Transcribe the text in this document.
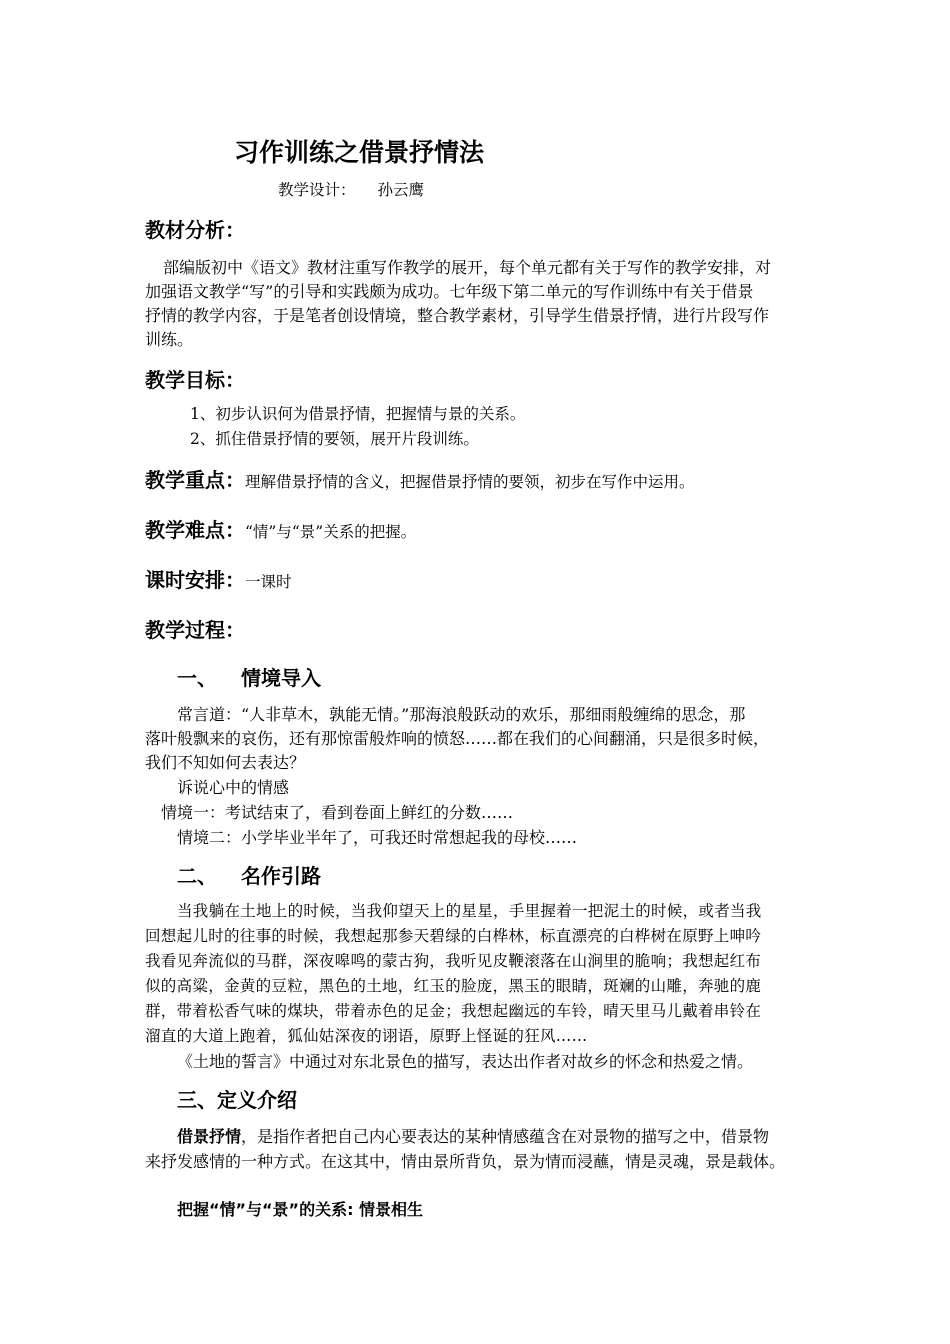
习作训练之借景抒情法
教学设计： 孙云鹰
教材分析：
部编版初中《语文》教材注重写作教学的展开，每个单元都有关于写作的教学安排，对
加强语文教学“写”的引导和实践颇为成功。七年级下第二单元的写作训练中有关于借景
抒情的教学内容，于是笔者创设情境，整合教学素材，引导学生借景抒情，进行片段写作
训练。
教学目标：
1、初步认识何为借景抒情，把握情与景的关系。
2、抓住借景抒情的要领，展开片段训练。
教学重点：理解借景抒情的含义，把握借景抒情的要领，初步在写作中运用。
教学难点：“情”与“景”关系的把握。
课时安排：一课时
教学过程：
一、 情境导入
常言道：“人非草木，孰能无情。”那海浪般跃动的欢乐，那细雨般缠绵的思念，那
落叶般飘来的哀伤，还有那惊雷般炸响的愤怒……都在我们的心间翻涌，只是很多时候，
我们不知如何去表达？
诉说心中的情感
情境一：考试结束了，看到卷面上鲜红的分数……
情境二：小学毕业半年了，可我还时常想起我的母校……
二、 名作引路
当我躺在土地上的时候，当我仰望天上的星星，手里握着一把泥土的时候，或者当我
回想起儿时的往事的时候，我想起那参天碧绿的白桦林，标直漂亮的白桦树在原野上呻吟
我看见奔流似的马群，深夜嗥鸣的蒙古狗，我听见皮鞭滚落在山涧里的脆响；我想起红布
似的高粱，金黄的豆粒，黑色的土地，红玉的脸庞，黑玉的眼睛，斑斓的山雕，奔驰的鹿
群，带着松香气味的煤块，带着赤色的足金；我想起幽远的车铃，晴天里马儿戴着串铃在
溜直的大道上跑着，狐仙姑深夜的诩语，原野上怪诞的狂风……
《土地的誓言》中通过对东北景色的描写，表达出作者对故乡的怀念和热爱之情。
三、定义介绍
借景抒情，是指作者把自己内心要表达的某种情感蕴含在对景物的描写之中，借景物
来抒发感情的一种方式。在这其中，情由景所背负，景为情而浸蘸，情是灵魂，景是载体。
把握“情”与“景”的关系: 情景相生
